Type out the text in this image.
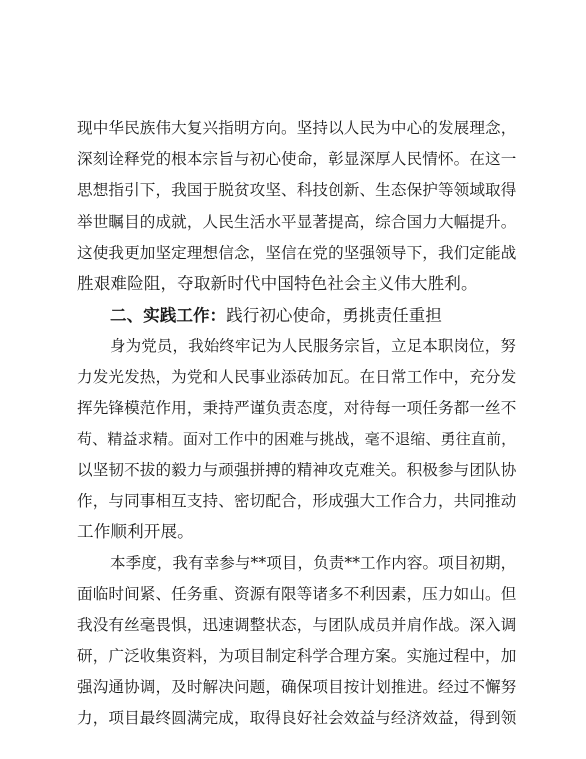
现中华民族伟大复兴指明方向。坚持以人民为中心的发展理念，
深刻诠释党的根本宗旨与初心使命，彰显深厚人民情怀。在这一
思想指引下，我国于脱贫攻坚、科技创新、生态保护等领域取得
举世瞩目的成就，人民生活水平显著提高，综合国力大幅提升。
这使我更加坚定理想信念，坚信在党的坚强领导下，我们定能战
胜艰难险阻，夺取新时代中国特色社会主义伟大胜利。
二、实践工作：践行初心使命，勇挑责任重担
身为党员，我始终牢记为人民服务宗旨，立足本职岗位，努
力发光发热，为党和人民事业添砖加瓦。在日常工作中，充分发
挥先锋模范作用，秉持严谨负责态度，对待每一项任务都一丝不
苟、精益求精。面对工作中的困难与挑战，毫不退缩、勇往直前，
以坚韧不拔的毅力与顽强拼搏的精神攻克难关。积极参与团队协
作，与同事相互支持、密切配合，形成强大工作合力，共同推动
工作顺利开展。
本季度，我有幸参与**项目，负责**工作内容。项目初期，
面临时间紧、任务重、资源有限等诸多不利因素，压力如山。但
我没有丝毫畏惧，迅速调整状态，与团队成员并肩作战。深入调
研，广泛收集资料，为项目制定科学合理方案。实施过程中，加
强沟通协调，及时解决问题，确保项目按计划推进。经过不懈努
力，项目最终圆满完成，取得良好社会效益与经济效益，得到领
